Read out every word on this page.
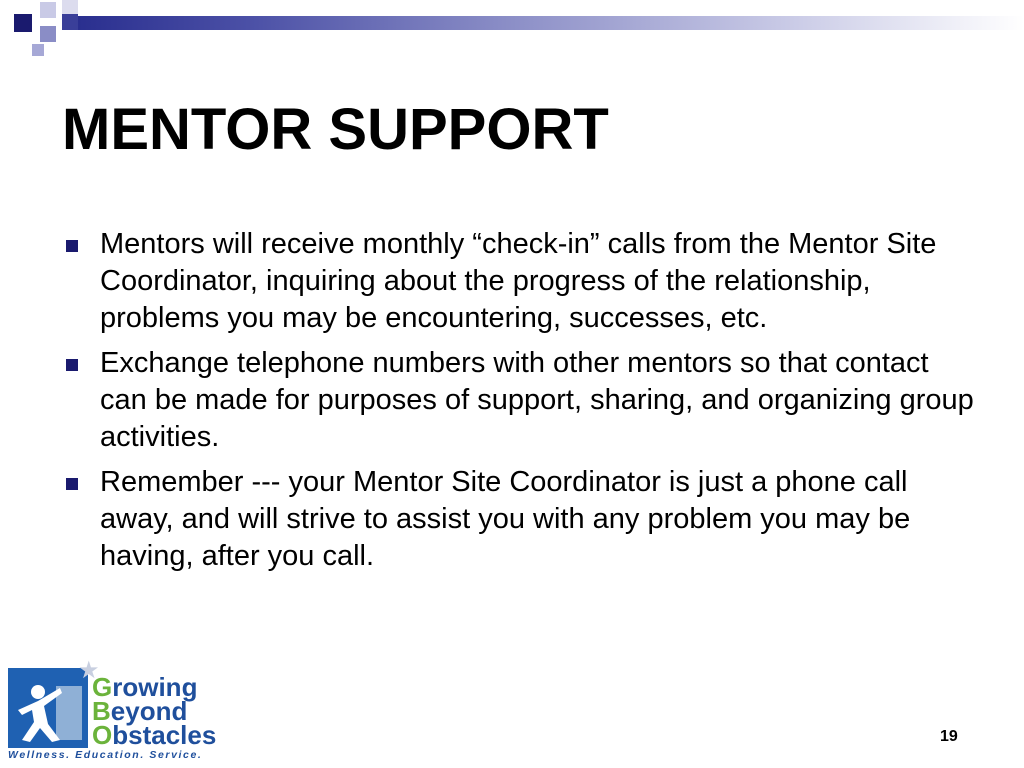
MENTOR SUPPORT
Mentors will receive monthly “check-in” calls from the Mentor Site Coordinator, inquiring about the progress of the relationship, problems you may be encountering, successes, etc.
Exchange telephone numbers with other mentors so that contact can be made for purposes of support, sharing, and organizing group activities.
Remember --- your Mentor Site Coordinator is just a phone call away, and will strive to assist you with any problem you may be having, after you call.
★
Growing
Beyond
Obstacles
Wellness. Education. Service.
19
